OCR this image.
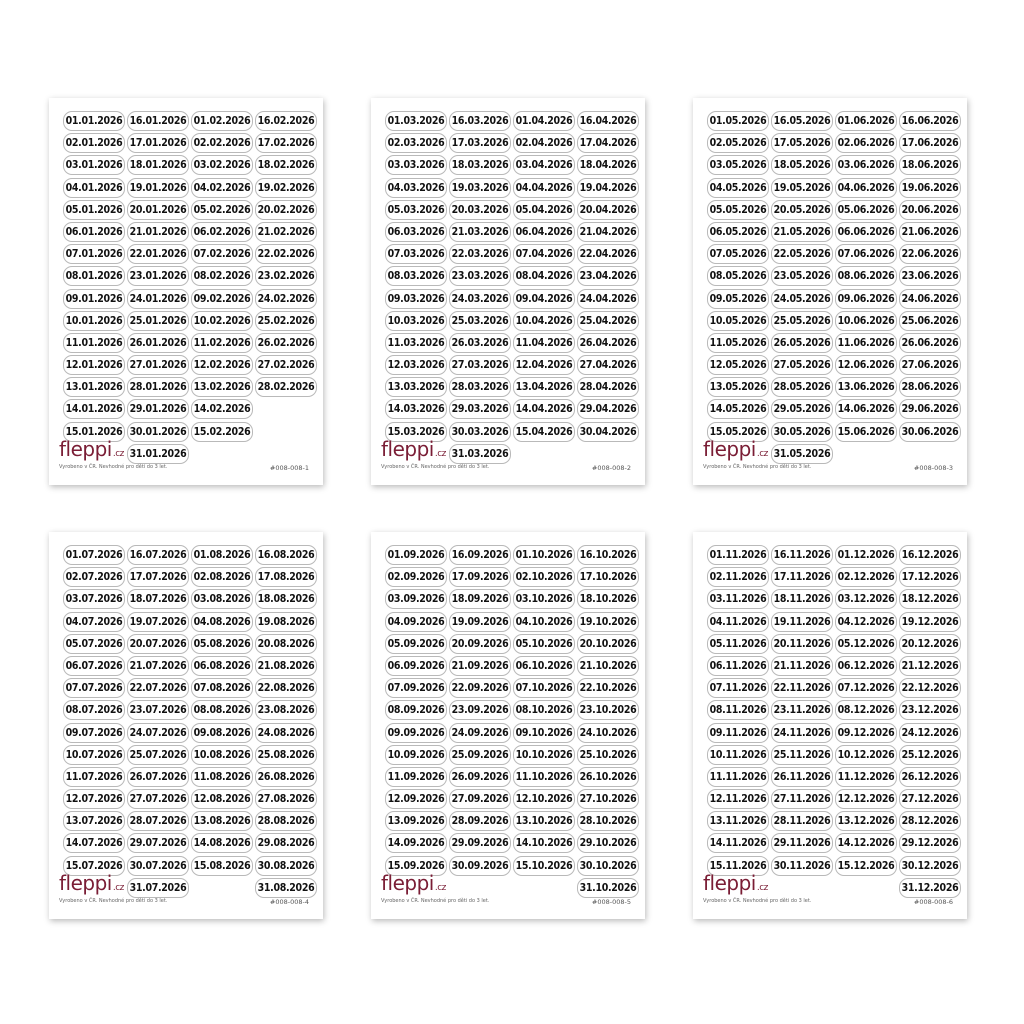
01.01.2026
02.01.2026
03.01.2026
04.01.2026
05.01.2026
06.01.2026
07.01.2026
08.01.2026
09.01.2026
10.01.2026
11.01.2026
12.01.2026
13.01.2026
14.01.2026
15.01.2026
16.01.2026
17.01.2026
18.01.2026
19.01.2026
20.01.2026
21.01.2026
22.01.2026
23.01.2026
24.01.2026
25.01.2026
26.01.2026
27.01.2026
28.01.2026
29.01.2026
30.01.2026
31.01.2026
01.02.2026
02.02.2026
03.02.2026
04.02.2026
05.02.2026
06.02.2026
07.02.2026
08.02.2026
09.02.2026
10.02.2026
11.02.2026
12.02.2026
13.02.2026
14.02.2026
15.02.2026
16.02.2026
17.02.2026
18.02.2026
19.02.2026
20.02.2026
21.02.2026
22.02.2026
23.02.2026
24.02.2026
25.02.2026
26.02.2026
27.02.2026
28.02.2026
fleppi.cz
Vyrobeno v ČR. Nevhodné pro děti do 3 let.	#008-008-1
01.03.2026
02.03.2026
03.03.2026
04.03.2026
05.03.2026
06.03.2026
07.03.2026
08.03.2026
09.03.2026
10.03.2026
11.03.2026
12.03.2026
13.03.2026
14.03.2026
15.03.2026
16.03.2026
17.03.2026
18.03.2026
19.03.2026
20.03.2026
21.03.2026
22.03.2026
23.03.2026
24.03.2026
25.03.2026
26.03.2026
27.03.2026
28.03.2026
29.03.2026
30.03.2026
31.03.2026
01.04.2026
02.04.2026
03.04.2026
04.04.2026
05.04.2026
06.04.2026
07.04.2026
08.04.2026
09.04.2026
10.04.2026
11.04.2026
12.04.2026
13.04.2026
14.04.2026
15.04.2026
16.04.2026
17.04.2026
18.04.2026
19.04.2026
20.04.2026
21.04.2026
22.04.2026
23.04.2026
24.04.2026
25.04.2026
26.04.2026
27.04.2026
28.04.2026
29.04.2026
30.04.2026
fleppi.cz
Vyrobeno v ČR. Nevhodné pro děti do 3 let.	#008-008-2
01.05.2026
02.05.2026
03.05.2026
04.05.2026
05.05.2026
06.05.2026
07.05.2026
08.05.2026
09.05.2026
10.05.2026
11.05.2026
12.05.2026
13.05.2026
14.05.2026
15.05.2026
16.05.2026
17.05.2026
18.05.2026
19.05.2026
20.05.2026
21.05.2026
22.05.2026
23.05.2026
24.05.2026
25.05.2026
26.05.2026
27.05.2026
28.05.2026
29.05.2026
30.05.2026
31.05.2026
01.06.2026
02.06.2026
03.06.2026
04.06.2026
05.06.2026
06.06.2026
07.06.2026
08.06.2026
09.06.2026
10.06.2026
11.06.2026
12.06.2026
13.06.2026
14.06.2026
15.06.2026
16.06.2026
17.06.2026
18.06.2026
19.06.2026
20.06.2026
21.06.2026
22.06.2026
23.06.2026
24.06.2026
25.06.2026
26.06.2026
27.06.2026
28.06.2026
29.06.2026
30.06.2026
fleppi.cz
Vyrobeno v ČR. Nevhodné pro děti do 3 let.	#008-008-3
01.07.2026
02.07.2026
03.07.2026
04.07.2026
05.07.2026
06.07.2026
07.07.2026
08.07.2026
09.07.2026
10.07.2026
11.07.2026
12.07.2026
13.07.2026
14.07.2026
15.07.2026
16.07.2026
17.07.2026
18.07.2026
19.07.2026
20.07.2026
21.07.2026
22.07.2026
23.07.2026
24.07.2026
25.07.2026
26.07.2026
27.07.2026
28.07.2026
29.07.2026
30.07.2026
31.07.2026
01.08.2026
02.08.2026
03.08.2026
04.08.2026
05.08.2026
06.08.2026
07.08.2026
08.08.2026
09.08.2026
10.08.2026
11.08.2026
12.08.2026
13.08.2026
14.08.2026
15.08.2026
16.08.2026
17.08.2026
18.08.2026
19.08.2026
20.08.2026
21.08.2026
22.08.2026
23.08.2026
24.08.2026
25.08.2026
26.08.2026
27.08.2026
28.08.2026
29.08.2026
30.08.2026
31.08.2026
fleppi.cz
Vyrobeno v ČR. Nevhodné pro děti do 3 let.	#008-008-4
01.09.2026
02.09.2026
03.09.2026
04.09.2026
05.09.2026
06.09.2026
07.09.2026
08.09.2026
09.09.2026
10.09.2026
11.09.2026
12.09.2026
13.09.2026
14.09.2026
15.09.2026
16.09.2026
17.09.2026
18.09.2026
19.09.2026
20.09.2026
21.09.2026
22.09.2026
23.09.2026
24.09.2026
25.09.2026
26.09.2026
27.09.2026
28.09.2026
29.09.2026
30.09.2026
01.10.2026
02.10.2026
03.10.2026
04.10.2026
05.10.2026
06.10.2026
07.10.2026
08.10.2026
09.10.2026
10.10.2026
11.10.2026
12.10.2026
13.10.2026
14.10.2026
15.10.2026
16.10.2026
17.10.2026
18.10.2026
19.10.2026
20.10.2026
21.10.2026
22.10.2026
23.10.2026
24.10.2026
25.10.2026
26.10.2026
27.10.2026
28.10.2026
29.10.2026
30.10.2026
31.10.2026
fleppi.cz
Vyrobeno v ČR. Nevhodné pro děti do 3 let.	#008-008-5
01.11.2026
02.11.2026
03.11.2026
04.11.2026
05.11.2026
06.11.2026
07.11.2026
08.11.2026
09.11.2026
10.11.2026
11.11.2026
12.11.2026
13.11.2026
14.11.2026
15.11.2026
16.11.2026
17.11.2026
18.11.2026
19.11.2026
20.11.2026
21.11.2026
22.11.2026
23.11.2026
24.11.2026
25.11.2026
26.11.2026
27.11.2026
28.11.2026
29.11.2026
30.11.2026
01.12.2026
02.12.2026
03.12.2026
04.12.2026
05.12.2026
06.12.2026
07.12.2026
08.12.2026
09.12.2026
10.12.2026
11.12.2026
12.12.2026
13.12.2026
14.12.2026
15.12.2026
16.12.2026
17.12.2026
18.12.2026
19.12.2026
20.12.2026
21.12.2026
22.12.2026
23.12.2026
24.12.2026
25.12.2026
26.12.2026
27.12.2026
28.12.2026
29.12.2026
30.12.2026
31.12.2026
fleppi.cz
Vyrobeno v ČR. Nevhodné pro děti do 3 let.	#008-008-6
